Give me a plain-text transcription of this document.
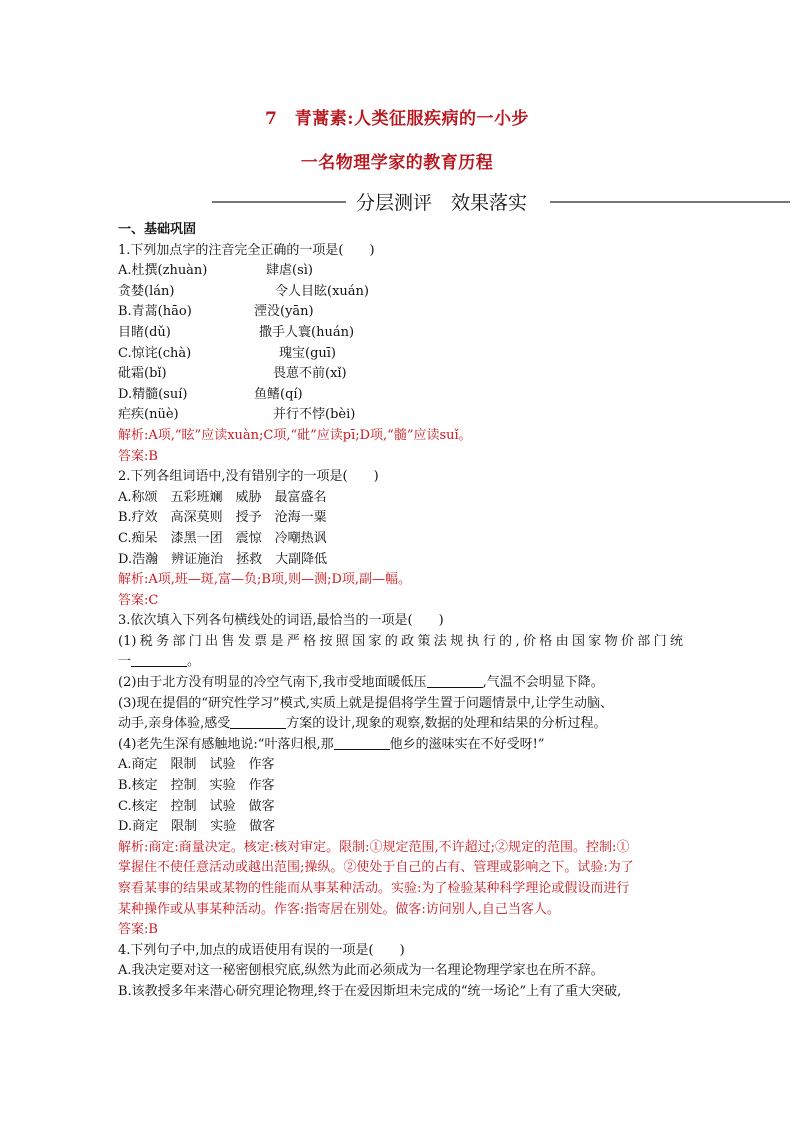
7　青蒿素:人类征服疾病的一小步
一名物理学家的教育历程
分层测评　效果落实
一、基础巩固
1.下列加点字的注音完全正确的一项是(　　)
A.杜撰(zhuàn)	肆虐(sì)
贪婪(lán)	令人目眩(xuán)
B.青蒿(hāo)	湮没(yān)
目睹(dǔ)	撒手人寰(huán)
C.惊诧(chà)	瑰宝(guī)
砒霜(bǐ)	畏葸不前(xǐ)
D.精髓(suí)	鱼鳍(qí)
疟疾(nüè)	并行不悖(bèi)
解析:A项,“眩”应读xuàn;C项,“砒”应读pī;D项,“髓”应读suǐ。
答案:B
2.下列各组词语中,没有错别字的一项是(　　)
A.称颂　五彩班斓　威胁　最富盛名
B.疗效　高深莫则　授予　沧海一粟
C.痴呆　漆黑一团　震惊　冷嘲热讽
D.浩瀚　辨证施治　拯救　大副降低
解析:A项,班—斑,富—负;B项,则—测;D项,副—幅。
答案:C
3.依次填入下列各句横线处的词语,最恰当的一项是(　　)
(1)税务部门出售发票是严格按照国家的政策法规执行的,价格由国家物价部门统
一	。
(2)由于北方没有明显的冷空气南下,我市受地面暖低压	,气温不会明显下降。
(3)现在提倡的“研究性学习”模式,实质上就是提倡将学生置于问题情景中,让学生动脑、
动手,亲身体验,感受	方案的设计,现象的观察,数据的处理和结果的分析过程。
(4)老先生深有感触地说:“叶落归根,那	他乡的滋味实在不好受呀!”
A.商定　限制　试验　作客
B.核定　控制　实验　作客
C.核定　控制　试验　做客
D.商定　限制　实验　做客
解析:商定:商量决定。核定:核对审定。限制:①规定范围,不许超过;②规定的范围。控制:①
掌握住不使任意活动或越出范围;操纵。②使处于自己的占有、管理或影响之下。试验:为了
察看某事的结果或某物的性能而从事某种活动。实验:为了检验某种科学理论或假设而进行
某种操作或从事某种活动。作客:指寄居在别处。做客:访问别人,自己当客人。
答案:B
4.下列句子中,加点的成语使用有误的一项是(　　)
A.我决定要对这一秘密刨根究底,纵然为此而必须成为一名理论物理学家也在所不辞。
B.该教授多年来潜心研究理论物理,终于在爱因斯坦未完成的“统一场论”上有了重大突破,
